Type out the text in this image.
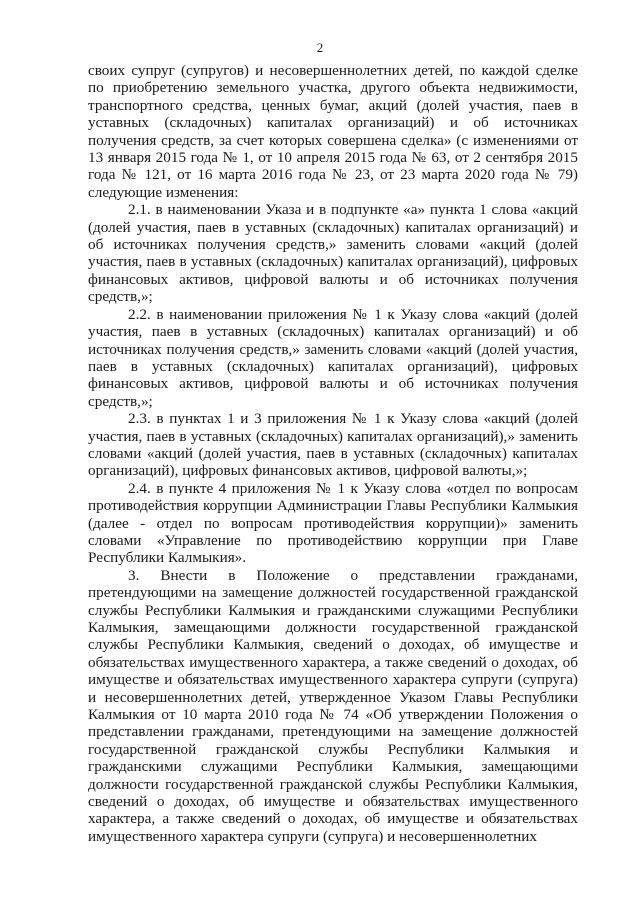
2

своих супруг (супругов) и несовершеннолетних детей, по каждой сделке по приобретению земельного участка, другого объекта недвижимости, транспортного средства, ценных бумаг, акций (долей участия, паев в уставных (складочных) капиталах организаций) и об источниках получения средств, за счет которых совершена сделка» (с изменениями от 13 января 2015 года № 1, от 10 апреля 2015 года № 63, от 2 сентября 2015 года № 121, от 16 марта 2016 года № 23, от 23 марта 2020 года № 79) следующие изменения:

2.1. в наименовании Указа и в подпункте «а» пункта 1 слова «акций (долей участия, паев в уставных (складочных) капиталах организаций) и об источниках получения средств,» заменить словами «акций (долей участия, паев в уставных (складочных) капиталах организаций), цифровых финансовых активов, цифровой валюты и об источниках получения средств,»;

2.2. в наименовании приложения № 1 к Указу слова «акций (долей участия, паев в уставных (складочных) капиталах организаций) и об источниках получения средств,» заменить словами «акций (долей участия, паев в уставных (складочных) капиталах организаций), цифровых финансовых активов, цифровой валюты и об источниках получения средств,»;

2.3. в пунктах 1 и 3 приложения № 1 к Указу слова «акций (долей участия, паев в уставных (складочных) капиталах организаций),» заменить словами «акций (долей участия, паев в уставных (складочных) капиталах организаций), цифровых финансовых активов, цифровой валюты,»;

2.4. в пункте 4 приложения № 1 к Указу слова «отдел по вопросам противодействия коррупции Администрации Главы Республики Калмыкия (далее - отдел по вопросам противодействия коррупции)» заменить словами «Управление по противодействию коррупции при Главе Республики Калмыкия».

3. Внести в Положение о представлении гражданами, претендующими на замещение должностей государственной гражданской службы Республики Калмыкия и гражданскими служащими Республики Калмыкия, замещающими должности государственной гражданской службы Республики Калмыкия, сведений о доходах, об имуществе и обязательствах имущественного характера, а также сведений о доходах, об имуществе и обязательствах имущественного характера супруги (супруга) и несовершеннолетних детей, утвержденное Указом Главы Республики Калмыкия от 10 марта 2010 года № 74 «Об утверждении Положения о представлении гражданами, претендующими на замещение должностей государственной гражданской службы Республики Калмыкия и гражданскими служащими Республики Калмыкия, замещающими должности государственной гражданской службы Республики Калмыкия, сведений о доходах, об имуществе и обязательствах имущественного характера, а также сведений о доходах, об имуществе и обязательствах имущественного характера супруги (супруга) и несовершеннолетних
